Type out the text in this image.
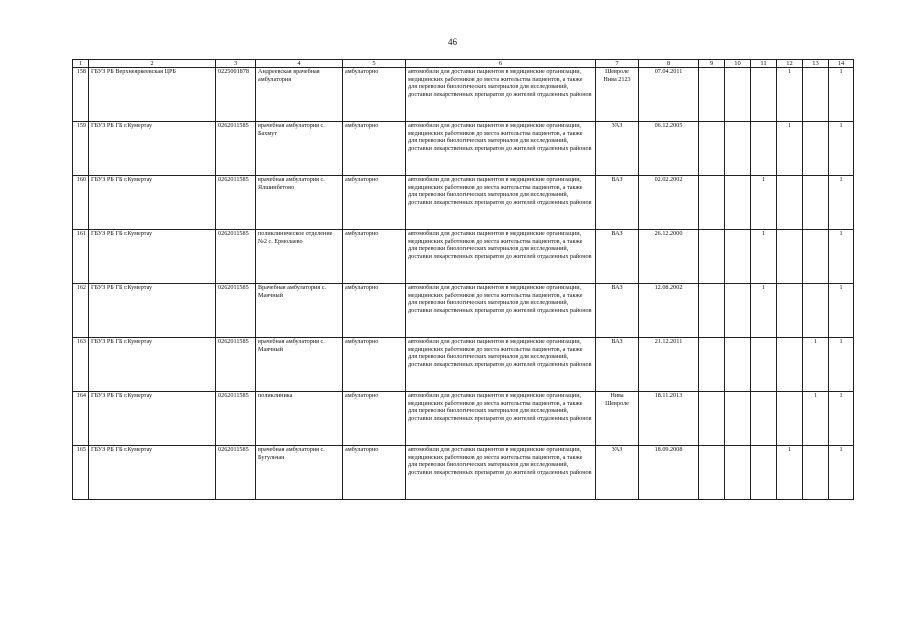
46
1	2	3	4	5	6	7	8	9	10	11	12	13	14
158	ГБУЗ РБ Верхнеяркеевская ЦРБ	0225001878	Андреевская врачебная амбулатория	амбулаторно	автомобили для доставки пациентов в медицинские организации, медицинских работников до места жительства пациентов, а также для перевозки биологических материалов для исследований, доставки лекарственных препаратов до жителей отдаленных районов	Шевроле Нива 2123	07.04.2011				1		1
159	ГБУЗ РБ ГБ г.Кумертау	0262011585	врачебная амбулатория с. Бахмут	амбулаторно	автомобили для доставки пациентов в медицинские организации, медицинских работников до места жительства пациентов, а также для перевозки биологических материалов для исследований, доставки лекарственных препаратов до жителей отдаленных районов	УАЗ	06.12.2005				1		1
160	ГБУЗ РБ ГБ г.Кумертау	0262011585	врачебная амбулатория с. Ялшинбетово	амбулаторно	автомобили для доставки пациентов в медицинские организации, медицинских работников до места жительства пациентов, а также для перевозки биологических материалов для исследований, доставки лекарственных препаратов до жителей отдаленных районов	ВАЗ	02.02.2002			1			1
161	ГБУЗ РБ ГБ г.Кумертау	0262011585	поликлиническое отделение №2 с. Ермолаево	амбулаторно	автомобили для доставки пациентов в медицинские организации, медицинских работников до места жительства пациентов, а также для перевозки биологических материалов для исследований, доставки лекарственных препаратов до жителей отдаленных районов	ВАЗ	26.12.2000			1			1
162	ГБУЗ РБ ГБ г.Кумертау	0262011585	Врачебная амбулатория с. Маячный	амбулаторно	автомобили для доставки пациентов в медицинские организации, медицинских работников до места жительства пациентов, а также для перевозки биологических материалов для исследований, доставки лекарственных препаратов до жителей отдаленных районов	ВАЗ	12.08.2002			1			1
163	ГБУЗ РБ ГБ г.Кумертау	0262011585	врачебная амбулатория с. Маячный	амбулаторно	автомобили для доставки пациентов в медицинские организации, медицинских работников до места жительства пациентов, а также для перевозки биологических материалов для исследований, доставки лекарственных препаратов до жителей отдаленных районов	ВАЗ	21.12.2011					1	1
164	ГБУЗ РБ ГБ г.Кумертау	0262011585	поликлиника	амбулаторно	автомобили для доставки пациентов в медицинские организации, медицинских работников до места жительства пациентов, а также для перевозки биологических материалов для исследований, доставки лекарственных препаратов до жителей отдаленных районов	Нива Шевроле	18.11.2013					1	1
165	ГБУЗ РБ ГБ г.Кумертау	0262011585	врачебная амбулатория с. Бугульчан	амбулаторно	автомобили для доставки пациентов в медицинские организации, медицинских работников до места жительства пациентов, а также для перевозки биологических материалов для исследований, доставки лекарственных препаратов до жителей отдаленных районов	УАЗ	18.09.2008				1		1
